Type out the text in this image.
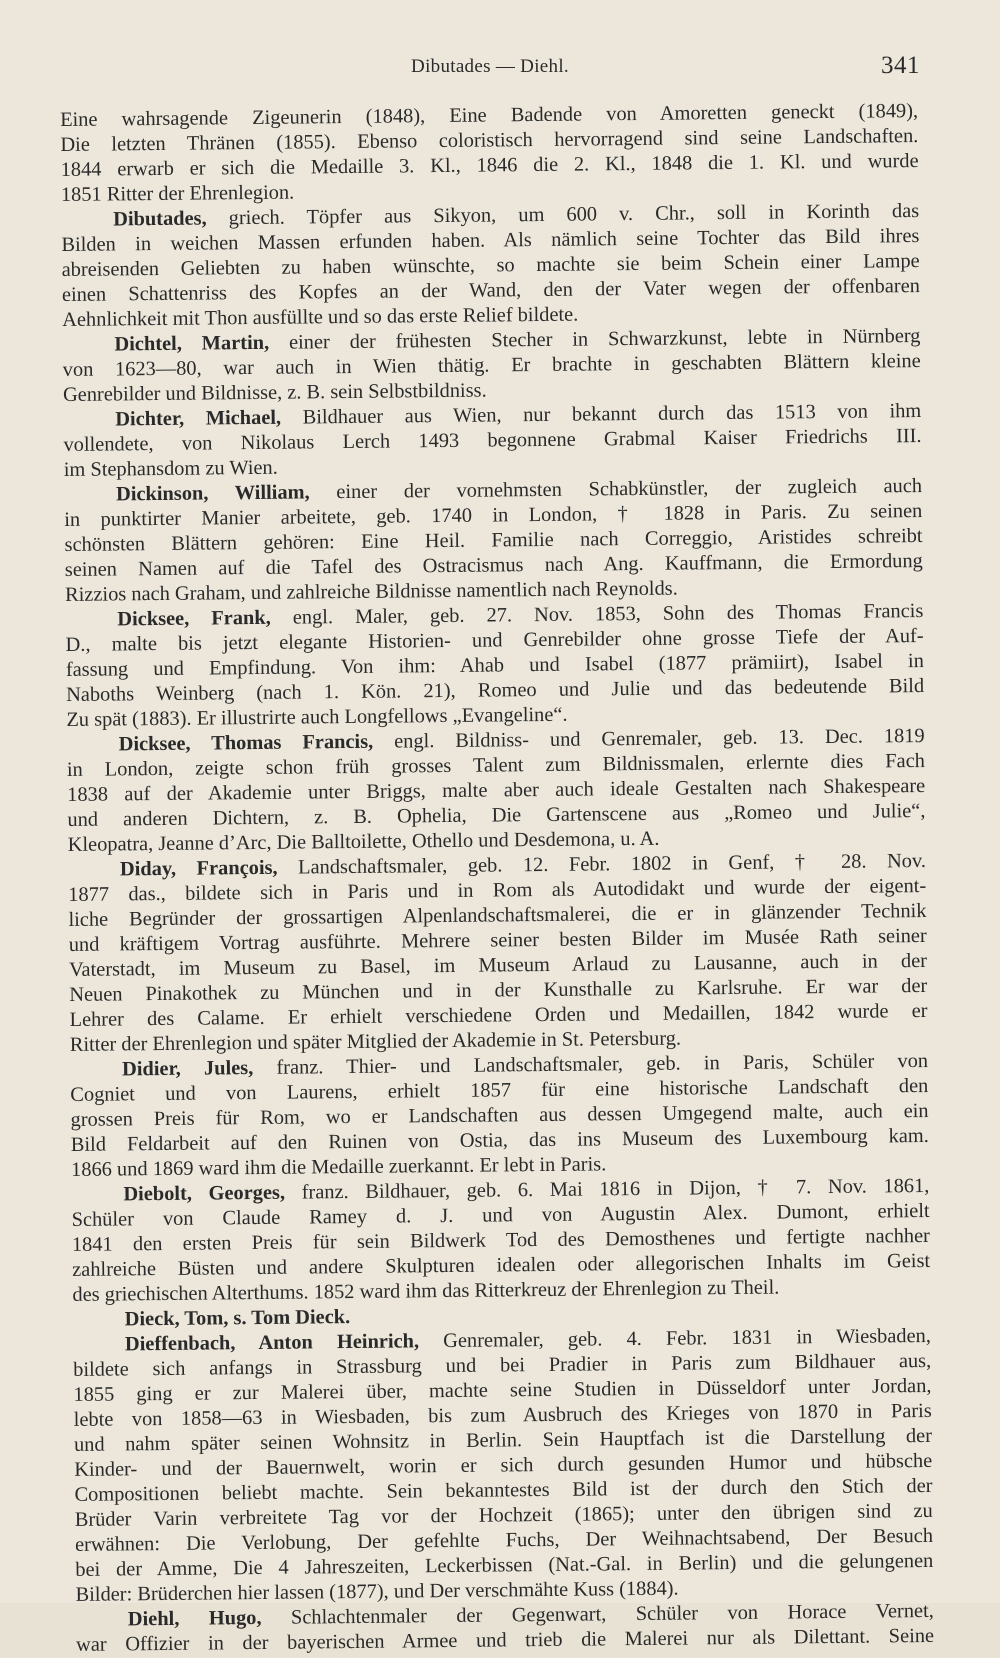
Dibutades — Diehl.	341
Eine wahrsagende Zigeunerin (1848), Eine Badende von Amoretten geneckt (1849),
Die letzten Thränen (1855). Ebenso coloristisch hervorragend sind seine Landschaften.
1844 erwarb er sich die Medaille 3. Kl., 1846 die 2. Kl., 1848 die 1. Kl. und wurde
1851 Ritter der Ehrenlegion.
Dibutades, griech. Töpfer aus Sikyon, um 600 v. Chr., soll in Korinth das
Bilden in weichen Massen erfunden haben. Als nämlich seine Tochter das Bild ihres
abreisenden Geliebten zu haben wünschte, so machte sie beim Schein einer Lampe
einen Schattenriss des Kopfes an der Wand, den der Vater wegen der offenbaren
Aehnlichkeit mit Thon ausfüllte und so das erste Relief bildete.
Dichtel, Martin, einer der frühesten Stecher in Schwarzkunst, lebte in Nürnberg
von 1623—80, war auch in Wien thätig. Er brachte in geschabten Blättern kleine
Genrebilder und Bildnisse, z. B. sein Selbstbildniss.
Dichter, Michael, Bildhauer aus Wien, nur bekannt durch das 1513 von ihm
vollendete, von Nikolaus Lerch 1493 begonnene Grabmal Kaiser Friedrichs III.
im Stephansdom zu Wien.
Dickinson, William, einer der vornehmsten Schabkünstler, der zugleich auch
in punktirter Manier arbeitete, geb. 1740 in London, † 1828 in Paris. Zu seinen
schönsten Blättern gehören: Eine Heil. Familie nach Correggio, Aristides schreibt
seinen Namen auf die Tafel des Ostracismus nach Ang. Kauffmann, die Ermordung
Rizzios nach Graham, und zahlreiche Bildnisse namentlich nach Reynolds.
Dicksee, Frank, engl. Maler, geb. 27. Nov. 1853, Sohn des Thomas Francis
D., malte bis jetzt elegante Historien- und Genrebilder ohne grosse Tiefe der Auf-
fassung und Empfindung. Von ihm: Ahab und Isabel (1877 prämiirt), Isabel in
Naboths Weinberg (nach 1. Kön. 21), Romeo und Julie und das bedeutende Bild
Zu spät (1883). Er illustrirte auch Longfellows „Evangeline“.
Dicksee, Thomas Francis, engl. Bildniss- und Genremaler, geb. 13. Dec. 1819
in London, zeigte schon früh grosses Talent zum Bildnissmalen, erlernte dies Fach
1838 auf der Akademie unter Briggs, malte aber auch ideale Gestalten nach Shakespeare
und anderen Dichtern, z. B. Ophelia, Die Gartenscene aus „Romeo und Julie“,
Kleopatra, Jeanne d’Arc, Die Balltoilette, Othello und Desdemona, u. A.
Diday, François, Landschaftsmaler, geb. 12. Febr. 1802 in Genf, † 28. Nov.
1877 das., bildete sich in Paris und in Rom als Autodidakt und wurde der eigent-
liche Begründer der grossartigen Alpenlandschaftsmalerei, die er in glänzender Technik
und kräftigem Vortrag ausführte. Mehrere seiner besten Bilder im Musée Rath seiner
Vaterstadt, im Museum zu Basel, im Museum Arlaud zu Lausanne, auch in der
Neuen Pinakothek zu München und in der Kunsthalle zu Karlsruhe. Er war der
Lehrer des Calame. Er erhielt verschiedene Orden und Medaillen, 1842 wurde er
Ritter der Ehrenlegion und später Mitglied der Akademie in St. Petersburg.
Didier, Jules, franz. Thier- und Landschaftsmaler, geb. in Paris, Schüler von
Cogniet und von Laurens, erhielt 1857 für eine historische Landschaft den
grossen Preis für Rom, wo er Landschaften aus dessen Umgegend malte, auch ein
Bild Feldarbeit auf den Ruinen von Ostia, das ins Museum des Luxembourg kam.
1866 und 1869 ward ihm die Medaille zuerkannt. Er lebt in Paris.
Diebolt, Georges, franz. Bildhauer, geb. 6. Mai 1816 in Dijon, † 7. Nov. 1861,
Schüler von Claude Ramey d. J. und von Augustin Alex. Dumont, erhielt
1841 den ersten Preis für sein Bildwerk Tod des Demosthenes und fertigte nachher
zahlreiche Büsten und andere Skulpturen idealen oder allegorischen Inhalts im Geist
des griechischen Alterthums. 1852 ward ihm das Ritterkreuz der Ehrenlegion zu Theil.
Dieck, Tom, s. Tom Dieck.
Dieffenbach, Anton Heinrich, Genremaler, geb. 4. Febr. 1831 in Wiesbaden,
bildete sich anfangs in Strassburg und bei Pradier in Paris zum Bildhauer aus,
1855 ging er zur Malerei über, machte seine Studien in Düsseldorf unter Jordan,
lebte von 1858—63 in Wiesbaden, bis zum Ausbruch des Krieges von 1870 in Paris
und nahm später seinen Wohnsitz in Berlin. Sein Hauptfach ist die Darstellung der
Kinder- und der Bauernwelt, worin er sich durch gesunden Humor und hübsche
Compositionen beliebt machte. Sein bekanntestes Bild ist der durch den Stich der
Brüder Varin verbreitete Tag vor der Hochzeit (1865); unter den übrigen sind zu
erwähnen: Die Verlobung, Der gefehlte Fuchs, Der Weihnachtsabend, Der Besuch
bei der Amme, Die 4 Jahreszeiten, Leckerbissen (Nat.-Gal. in Berlin) und die gelungenen
Bilder: Brüderchen hier lassen (1877), und Der verschmähte Kuss (1884).
Diehl, Hugo, Schlachtenmaler der Gegenwart, Schüler von Horace Vernet,
war Offizier in der bayerischen Armee und trieb die Malerei nur als Dilettant. Seine
